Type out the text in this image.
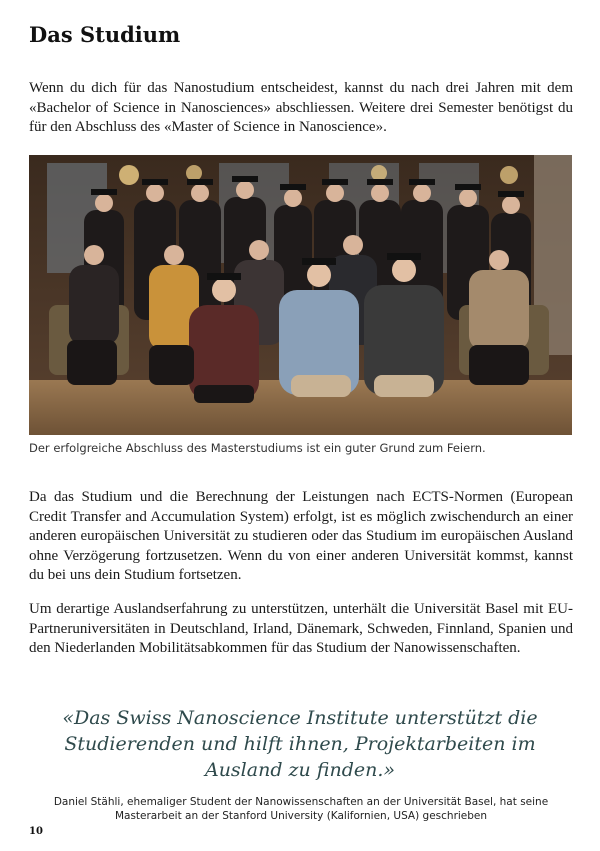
Das Studium

Wenn du dich für das Nanostudium entscheidest, kannst du nach drei Jahren mit dem «Bachelor of Science in Nanosciences» abschliessen. Weitere drei Semester benötigst du für den Abschluss des «Master of Science in Nanoscience».

Der erfolgreiche Abschluss des Masterstudiums ist ein guter Grund zum Feiern.

Da das Studium und die Berechnung der Leistungen nach ECTS-Normen (European Credit Transfer and Accumulation System) erfolgt, ist es möglich zwischendurch an einer anderen europäischen Universität zu studieren oder das Studium im europäischen Ausland ohne Verzögerung fortzusetzen. Wenn du von einer anderen Universität kommst, kannst du bei uns dein Studium fortsetzen.

Um derartige Auslandserfahrung zu unterstützen, unterhält die Universität Basel mit EU-Partneruniversitäten in Deutschland, Irland, Dänemark, Schweden, Finnland, Spanien und den Niederlanden Mobilitätsabkommen für das Studium der Nanowissenschaften.

«Das Swiss Nanoscience Institute unterstützt die Studierenden und hilft ihnen, Projektarbeiten im Ausland zu finden.»

Daniel Stähli, ehemaliger Student der Nanowissenschaften an der Universität Basel, hat seine Masterarbeit an der Stanford University (Kalifornien, USA) geschrieben

10
